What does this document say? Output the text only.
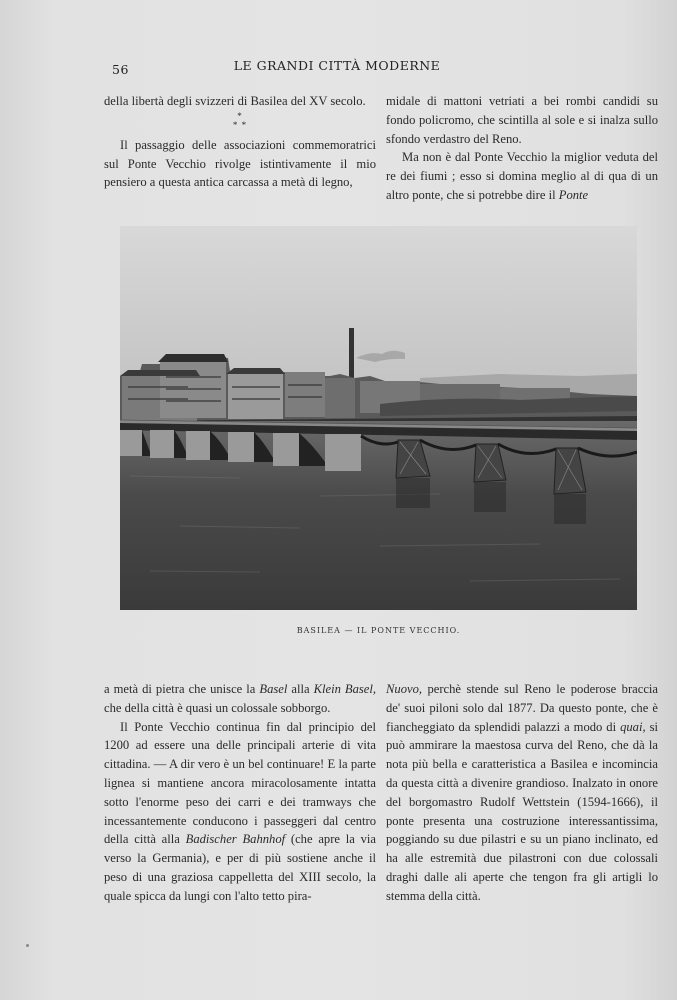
56	LE GRANDI CITTÀ MODERNE

della libertà degli svizzeri di Basilea del XV secolo.

*
* *

Il passaggio delle associazioni commemoratrici sul Ponte Vecchio rivolge istintivamente il mio pensiero a questa antica carcassa a metà di legno,

midale di mattoni vetriati a bei rombi candidi su fondo policromo, che scintilla al sole e si inalza sullo sfondo verdastro del Reno.

Ma non è dal Ponte Vecchio la miglior veduta del re dei fiumi ; esso si domina meglio al di qua di un altro ponte, che si potrebbe dire il Ponte

BASILEA — IL PONTE VECCHIO.

a metà di pietra che unisce la Basel alla Klein Basel, che della città è quasi un colossale sobborgo.

Il Ponte Vecchio continua fin dal principio del 1200 ad essere una delle principali arterie di vita cittadina. — A dir vero è un bel continuare! E la parte lignea si mantiene ancora miracolosamente intatta sotto l'enorme peso dei carri e dei tramways che incessantemente conducono i passeggeri dal centro della città alla Badischer Bahnhof (che apre la via verso la Germania), e per di più sostiene anche il peso di una graziosa cappelletta del XIII secolo, la quale spicca da lungi con l'alto tetto pira-

Nuovo, perchè stende sul Reno le poderose braccia de' suoi piloni solo dal 1877. Da questo ponte, che è fiancheggiato da splendidi palazzi a modo di quai, si può ammirare la maestosa curva del Reno, che dà la nota più bella e caratteristica a Basilea e incomincia da questa città a divenire grandioso. Inalzato in onore del borgomastro Rudolf Wettstein (1594-1666), il ponte presenta una costruzione interessantissima, poggiando su due pilastri e su un piano inclinato, ed ha alle estremità due pilastroni con due colossali draghi dalle ali aperte che tengon fra gli artigli lo stemma della città.
